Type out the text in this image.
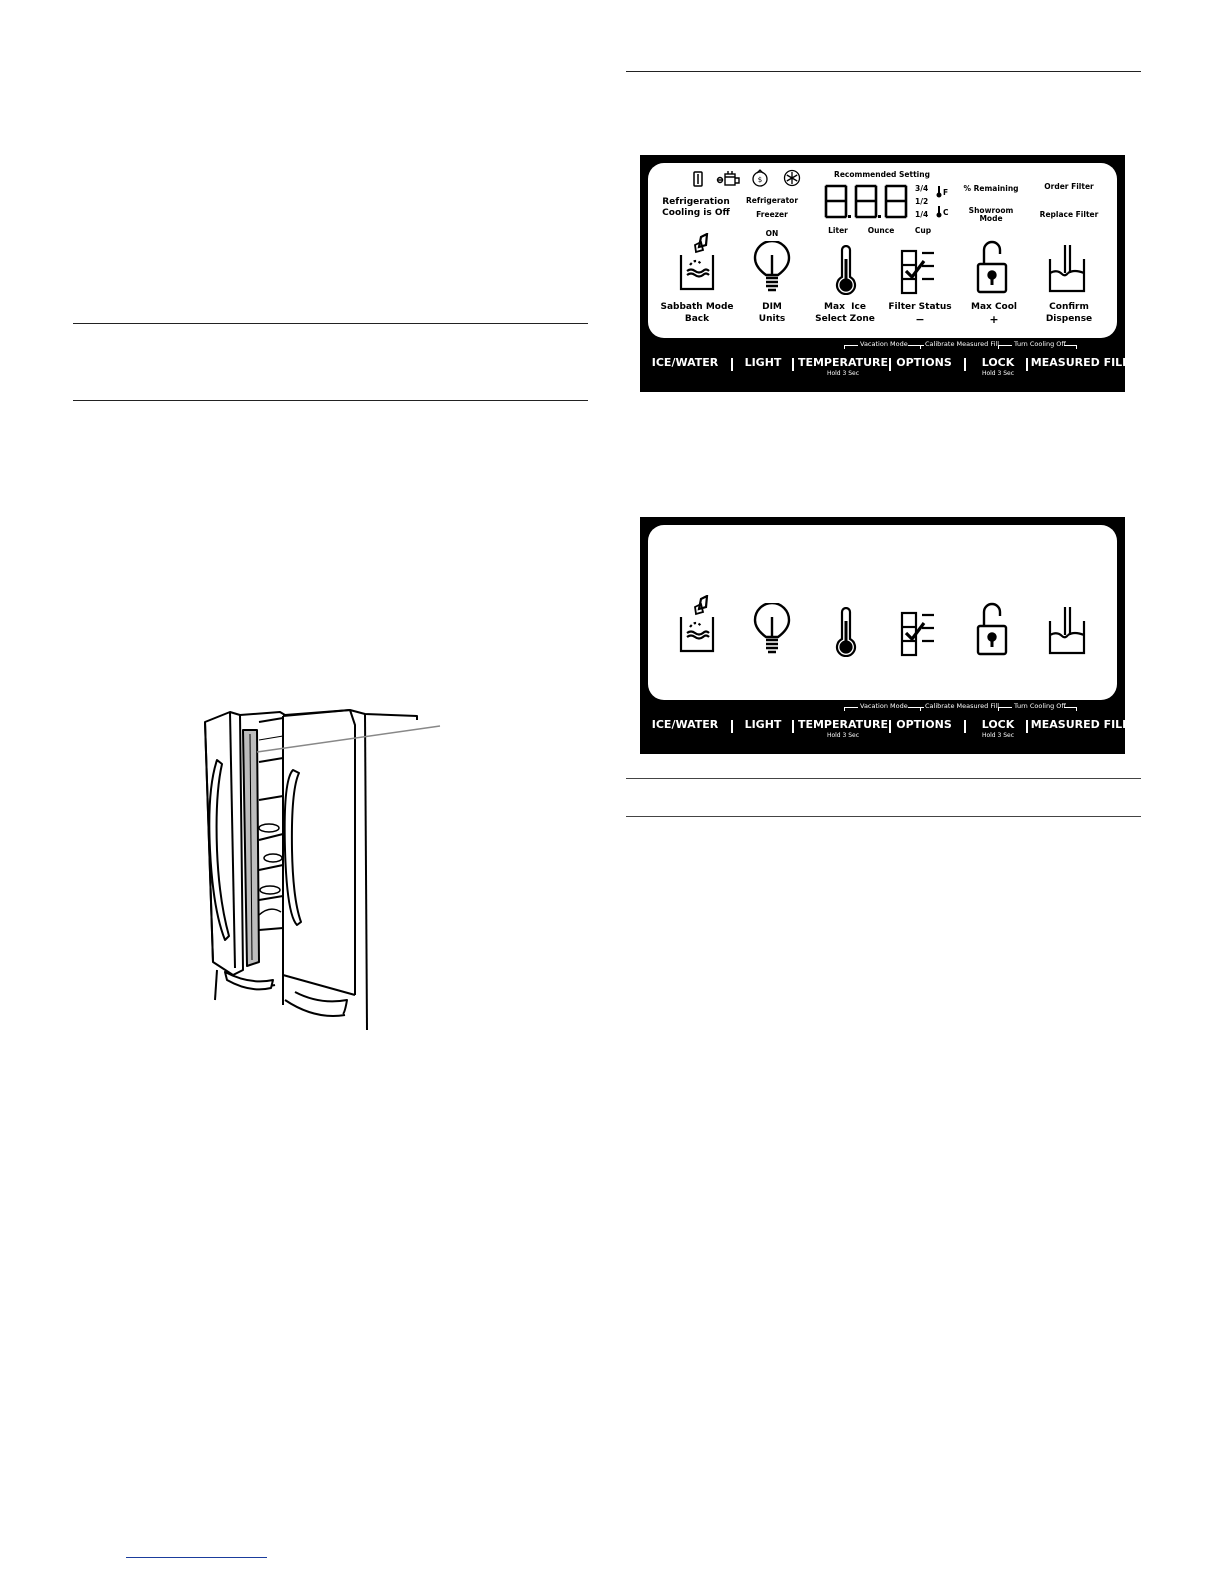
$
Refrigeration
Cooling is Off
Refrigerator
Freezer
Recommended Setting
3/4
1/2
1/4
F
C
Liter	Ounce	Cup
% Remaining
Showroom
Mode
Order Filter
Replace Filter
ON
Sabbath Mode
Back
DIM
Units
Max  Ice
Select Zone
Filter Status
−
Max Cool
+
Confirm
Dispense
Vacation Mode	Calibrate Measured Fill Turn Cooling Off
ICE/WATER LIGHT TEMPERATURE
Hold 3 Sec
OPTIONS	LOCK
Hold 3 Sec
MEASURED FILL
Vacation Mode	Calibrate Measured Fill Turn Cooling Off
ICE/WATER LIGHT TEMPERATURE
Hold 3 Sec
OPTIONS	LOCK
Hold 3 Sec
MEASURED FILL
